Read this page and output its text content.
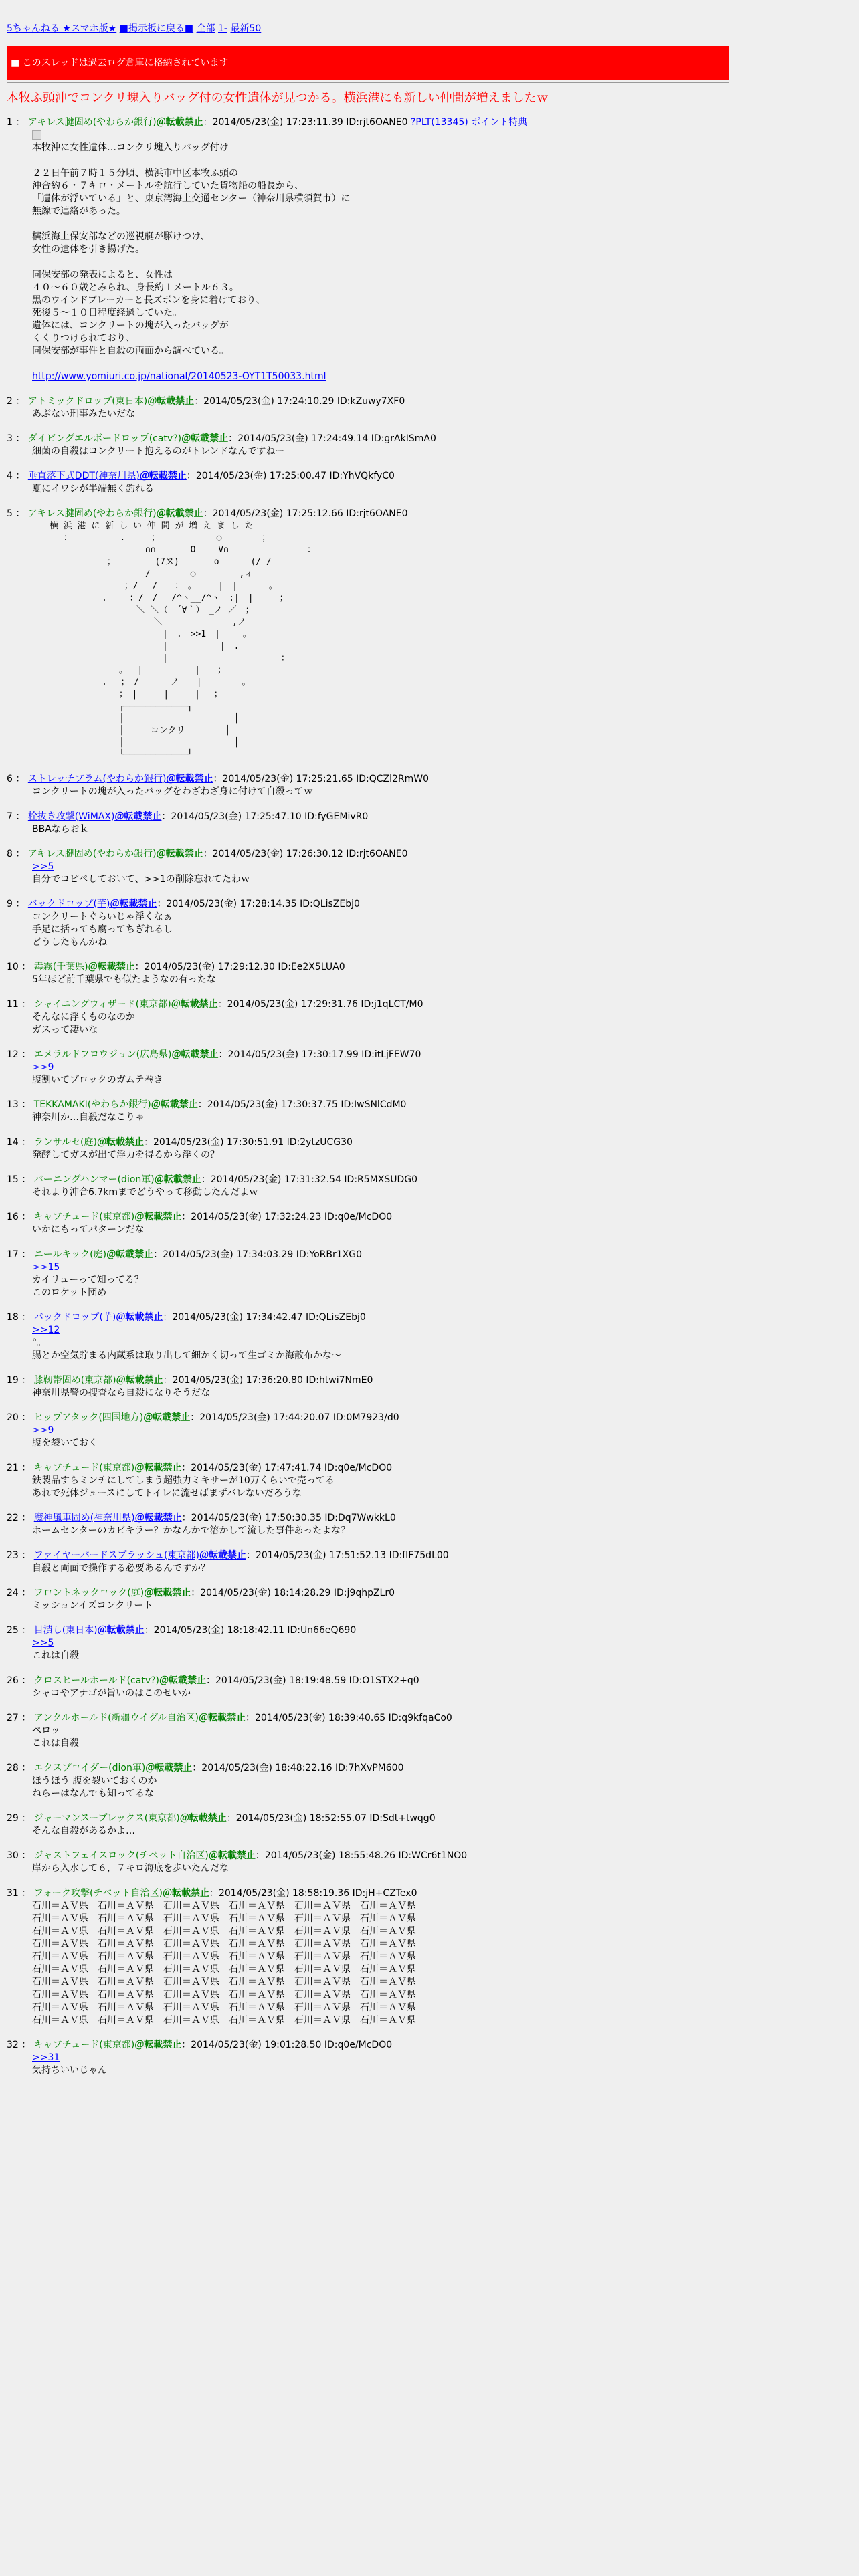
5ちゃんねる ★スマホ版★ ■掲示板に戻る■ 全部 1- 最新50
■ このスレッドは過去ログ倉庫に格納されています
本牧ふ頭沖でコンクリ塊入りバッグ付の女性遺体が見つかる。横浜港にも新しい仲間が増えましたｗ
1 ： アキレス腱固め(やわらか銀行)＠転載禁止：2014/05/23(金) 17:23:11.39 ID:rjt6OANE0 ?PLT(13345) ポイント特典
本牧沖に女性遺体…コンクリ塊入りバッグ付け

２２日午前７時１５分頃、横浜市中区本牧ふ頭の
沖合約６・７キロ・メートルを航行していた貨物船の船長から、
「遺体が浮いている」と、東京湾海上交通センター（神奈川県横須賀市）に
無線で連絡があった。

横浜海上保安部などの巡視艇が駆けつけ、
女性の遺体を引き揚げた。

同保安部の発表によると、女性は
４０～６０歳とみられ、身長約１メートル６３。
黒のウインドブレーカーと長ズボンを身に着けており、
死後５～１０日程度経過していた。
遺体には、コンクリートの塊が入ったバッグが
くくりつけられており、
同保安部が事件と自殺の両面から調べている。
http://www.yomiuri.co.jp/national/20140523-OYT1T50033.html
2 ： アトミックドロップ(東日本)＠転載禁止：2014/05/23(金) 17:24:10.29 ID:kZuwy7XF0
あぶない刑事みたいだな
3 ： ダイビングエルボードロップ(catv?)＠転載禁止：2014/05/23(金) 17:24:49.14 ID:grAkISmA0
細菌の自殺はコンクリート抱えるのがトレンドなんですねー
4 ： 垂直落下式DDT(神奈川県)＠転載禁止：2014/05/23(金) 17:25:00.47 ID:YhVQkfyC0
夏にイワシが半端無く釣れる
5 ： アキレス腱固め(やわらか銀行)＠転載禁止：2014/05/23(金) 17:25:12.66 ID:rjt6OANE0
　　横 浜 港 に 新 し い 仲 間 が 増 え ま し た
　　　 ：　　　　　　.　　　；　　　　　　　○　　　　 ；
　　　　　　　　　　　　　∩∩　　　　O　　 V∩　　　　　　　　　：
　　　　　　　　 ；　　　　　(7ヌ)　　　　o　　　 (/ /
　　　　　　　　　　　　　/　　　　 ○　　　　　,ィ
　　　　　　　　　　 ；/　 /　　：　。　　　|　|　　　 。
　　　　　　　　.　　 ：/　/　 /^ヽ__/^ヽ　:|　|　　　；
　　　　　　　　　　　　＼ ＼（　´∀｀）　_ノ ／　；
　　　　　　　　　　　　　　＼　　　　　　　　,ノ
　　　　　　　　　　　　　　　|　.　>>1　|　　 。
　　　　　　　　　　　　　　　|　　　　　　|　.
　　　　　　　　　　　　　　　|　　　　　　　　　　　　　：
　　　　　　　　　　。　 |　　　　　　|　　；
　　　　　　　　.　 ；　/　　　 ノ　　|　　　　 。
　　　　　　　　　　；　|　　　|　　　|　 ；
　　　　　　　　　　┌────────────┐
　　　　　　　　　　│　　　　　　　　　　　　 │
　　　　　　　　　　│　　　コンクリ　　　　 │
　　　　　　　　　　│　　　　　　　　　　　　 │
　　　　　　　　　　└────────────┘
6 ： ストレッチプラム(やわらか銀行)＠転載禁止：2014/05/23(金) 17:25:21.65 ID:QCZl2RmW0
コンクリートの塊が入ったバッグをわざわざ身に付けて自殺ってｗ
7 ： 栓抜き攻撃(WiMAX)＠転載禁止：2014/05/23(金) 17:25:47.10 ID:fyGEMivR0
BBAならおｋ
8 ： アキレス腱固め(やわらか銀行)＠転載禁止：2014/05/23(金) 17:26:30.12 ID:rjt6OANE0
>>5
自分でコピペしておいて、>>1の削除忘れてたわｗ
9 ： バックドロップ(芋)＠転載禁止：2014/05/23(金) 17:28:14.35 ID:QLisZEbj0
コンクリートぐらいじゃ浮くなぁ
手足に括っても腐ってちぎれるし
どうしたもんかね
10 ： 毒霧(千葉県)＠転載禁止：2014/05/23(金) 17:29:12.30 ID:Ee2X5LUA0
5年ほど前千葉県でも似たようなの有ったな
11 ： シャイニングウィザード(東京都)＠転載禁止：2014/05/23(金) 17:29:31.76 ID:j1qLCT/M0
そんなに浮くものなのか
ガスって凄いな
12 ： エメラルドフロウジョン(広島県)＠転載禁止：2014/05/23(金) 17:30:17.99 ID:itLjFEW70
>>9
腹割いてブロックのガムテ巻き
13 ： TEKKAMAKI(やわらか銀行)＠転載禁止：2014/05/23(金) 17:30:37.75 ID:IwSNlCdM0
神奈川か…自殺だなこりゃ
14 ： ランサルセ(庭)＠転載禁止：2014/05/23(金) 17:30:51.91 ID:2ytzUCG30
発酵してガスが出て浮力を得るから浮くの？
15 ： バーニングハンマー(dion軍)＠転載禁止：2014/05/23(金) 17:31:32.54 ID:R5MXSUDG0
それより沖合6.7kmまでどうやって移動したんだよｗ
16 ： キャプチュード(東京都)＠転載禁止：2014/05/23(金) 17:32:24.23 ID:q0e/McDO0
いかにもってパターンだな
17 ： ニールキック(庭)＠転載禁止：2014/05/23(金) 17:34:03.29 ID:YoRBr1XG0
>>15
カイリューって知ってる？
このロケット団め
18 ： バックドロップ(芋)＠転載禁止：2014/05/23(金) 17:34:42.47 ID:QLisZEbj0
>>12
°。
腸とか空気貯まる内蔵系は取り出して細かく切って生ゴミか海散布かな～
19 ： 膝靭帯固め(東京都)＠転載禁止：2014/05/23(金) 17:36:20.80 ID:htwi7NmE0
神奈川県警の捜査なら自殺になりそうだな
20 ： ヒップアタック(四国地方)＠転載禁止：2014/05/23(金) 17:44:20.07 ID:0M7923/d0
>>9
腹を裂いておく
21 ： キャプチュード(東京都)＠転載禁止：2014/05/23(金) 17:47:41.74 ID:q0e/McDO0
鉄製品すらミンチにしてしまう超強力ミキサーが10万くらいで売ってる
あれで死体ジュースにしてトイレに流せばまずバレないだろうな
22 ： 魔神風車固め(神奈川県)＠転載禁止：2014/05/23(金) 17:50:30.35 ID:Dq7WwkkL0
ホームセンターのカビキラー？かなんかで溶かして流した事件あったよな？
23 ： ファイヤーバードスプラッシュ(東京都)＠転載禁止：2014/05/23(金) 17:51:52.13 ID:fIF75dL00
自殺と両面で操作する必要あるんですか？
24 ： フロントネックロック(庭)＠転載禁止：2014/05/23(金) 18:14:28.29 ID:j9qhpZLr0
ミッションイズコンクリート
25 ： 目潰し(東日本)＠転載禁止：2014/05/23(金) 18:18:42.11 ID:Un66eQ690
>>5
これは自殺
26 ： クロスヒールホールド(catv?)＠転載禁止：2014/05/23(金) 18:19:48.59 ID:O1STX2+q0
シャコやアナゴが旨いのはこのせいか
27 ： アンクルホールド(新疆ウイグル自治区)＠転載禁止：2014/05/23(金) 18:39:40.65 ID:q9kfqaCo0
ペロッ
これは自殺
28 ： エクスプロイダー(dion軍)＠転載禁止：2014/05/23(金) 18:48:22.16 ID:7hXvPM600
ほうほう 腹を裂いておくのか
ねらーはなんでも知ってるな
29 ： ジャーマンスープレックス(東京都)＠転載禁止：2014/05/23(金) 18:52:55.07 ID:Sdt+twqg0
そんな自殺があるかよ…
30 ： ジャストフェイスロック(チベット自治区)＠転載禁止：2014/05/23(金) 18:55:48.26 ID:WCr6t1NO0
岸から入水して６，７キロ海底を歩いたんだな
31 ： フォーク攻撃(チベット自治区)＠転載禁止：2014/05/23(金) 18:58:19.36 ID:jH+CZTex0
石川＝ＡＶ県　石川＝ＡＶ県　石川＝ＡＶ県　石川＝ＡＶ県　石川＝ＡＶ県　石川＝ＡＶ県
石川＝ＡＶ県　石川＝ＡＶ県　石川＝ＡＶ県　石川＝ＡＶ県　石川＝ＡＶ県　石川＝ＡＶ県
石川＝ＡＶ県　石川＝ＡＶ県　石川＝ＡＶ県　石川＝ＡＶ県　石川＝ＡＶ県　石川＝ＡＶ県
石川＝ＡＶ県　石川＝ＡＶ県　石川＝ＡＶ県　石川＝ＡＶ県　石川＝ＡＶ県　石川＝ＡＶ県
石川＝ＡＶ県　石川＝ＡＶ県　石川＝ＡＶ県　石川＝ＡＶ県　石川＝ＡＶ県　石川＝ＡＶ県
石川＝ＡＶ県　石川＝ＡＶ県　石川＝ＡＶ県　石川＝ＡＶ県　石川＝ＡＶ県　石川＝ＡＶ県
石川＝ＡＶ県　石川＝ＡＶ県　石川＝ＡＶ県　石川＝ＡＶ県　石川＝ＡＶ県　石川＝ＡＶ県
石川＝ＡＶ県　石川＝ＡＶ県　石川＝ＡＶ県　石川＝ＡＶ県　石川＝ＡＶ県　石川＝ＡＶ県
石川＝ＡＶ県　石川＝ＡＶ県　石川＝ＡＶ県　石川＝ＡＶ県　石川＝ＡＶ県　石川＝ＡＶ県
石川＝ＡＶ県　石川＝ＡＶ県　石川＝ＡＶ県　石川＝ＡＶ県　石川＝ＡＶ県　石川＝ＡＶ県
32 ： キャプチュード(東京都)＠転載禁止：2014/05/23(金) 19:01:28.50 ID:q0e/McDO0
>>31
気持ちいいじゃん
